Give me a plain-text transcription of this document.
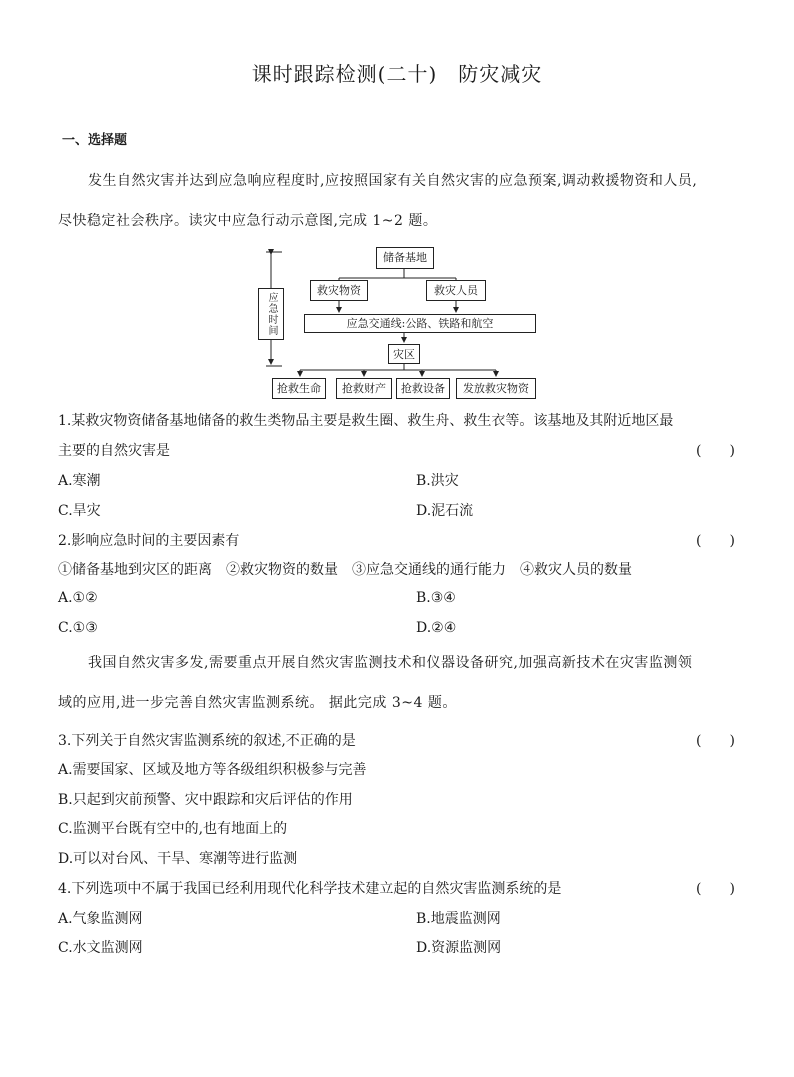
课时跟踪检测(二十)　防灾减灾
一、选择题
发生自然灾害并达到应急响应程度时,应按照国家有关自然灾害的应急预案,调动救援物资和人员,
尽快稳定社会秩序。读灾中应急行动示意图,完成 1~2 题。
应急时间
储备基地
救灾物资	救灾人员
应急交通线:公路、铁路和航空
灾区
抢救生命	抢救财产	抢救设备	发放救灾物资
1.某救灾物资储备基地储备的救生类物品主要是救生圈、救生舟、救生衣等。该基地及其附近地区最
主要的自然灾害是	(　　)
A.寒潮	B.洪灾
C.旱灾	D.泥石流
2.影响应急时间的主要因素有	(　　)
①储备基地到灾区的距离　②救灾物资的数量　③应急交通线的通行能力　④救灾人员的数量
A.①②	B.③④
C.①③	D.②④
我国自然灾害多发,需要重点开展自然灾害监测技术和仪器设备研究,加强高新技术在灾害监测领
域的应用,进一步完善自然灾害监测系统。 据此完成 3~4 题。
3.下列关于自然灾害监测系统的叙述,不正确的是	(　　)
A.需要国家、区域及地方等各级组织积极参与完善
B.只起到灾前预警、灾中跟踪和灾后评估的作用
C.监测平台既有空中的,也有地面上的
D.可以对台风、干旱、寒潮等进行监测
4.下列选项中不属于我国已经利用现代化科学技术建立起的自然灾害监测系统的是	(　　)
A.气象监测网	B.地震监测网
C.水文监测网	D.资源监测网
